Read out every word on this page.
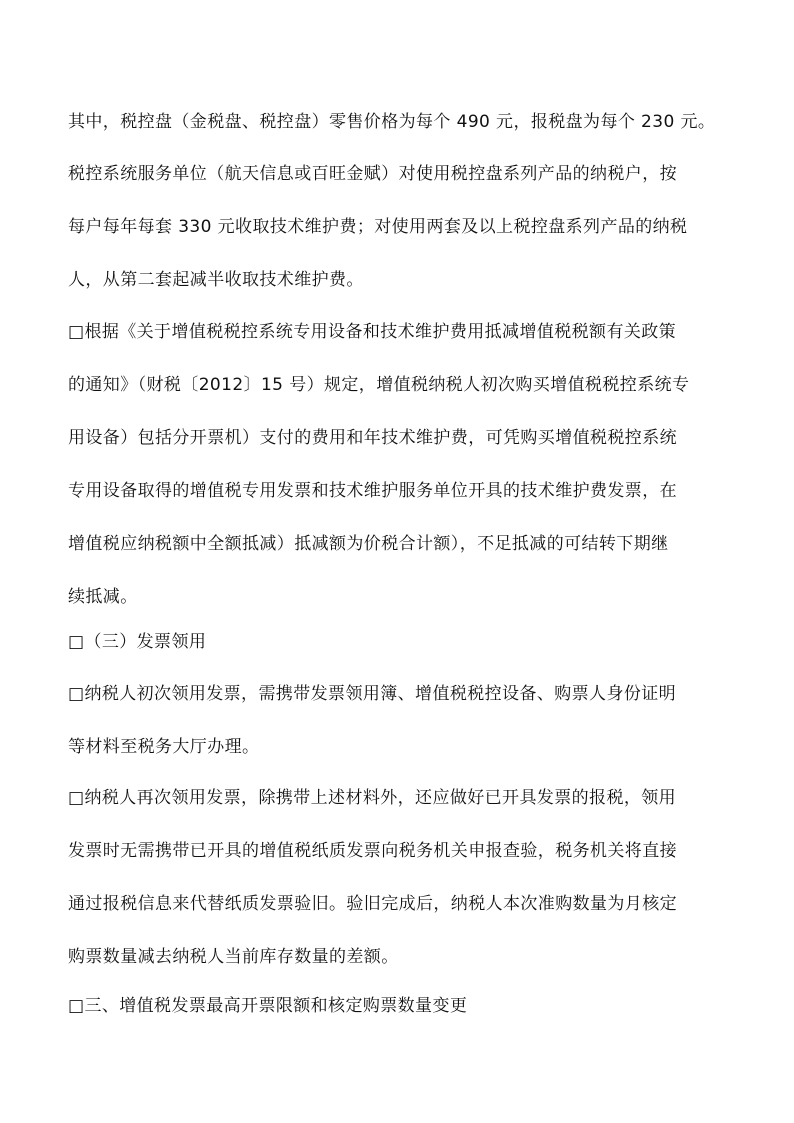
其中，税控盘（金税盘、税控盘）零售价格为每个 490 元，报税盘为每个 230 元。

税控系统服务单位（航天信息或百旺金赋）对使用税控盘系列产品的纳税户，按
每户每年每套 330 元收取技术维护费；对使用两套及以上税控盘系列产品的纳税
人，从第二套起减半收取技术维护费。

□根据《关于增值税税控系统专用设备和技术维护费用抵减增值税税额有关政策
的通知》（财税〔2012〕15 号）规定，增值税纳税人初次购买增值税税控系统专
用设备）包括分开票机）支付的费用和年技术维护费，可凭购买增值税税控系统
专用设备取得的增值税专用发票和技术维护服务单位开具的技术维护费发票，在
增值税应纳税额中全额抵减）抵减额为价税合计额），不足抵减的可结转下期继
续抵减。

□（三）发票领用

□纳税人初次领用发票，需携带发票领用簿、增值税税控设备、购票人身份证明
等材料至税务大厅办理。

□纳税人再次领用发票，除携带上述材料外，还应做好已开具发票的报税，领用
发票时无需携带已开具的增值税纸质发票向税务机关申报查验，税务机关将直接
通过报税信息来代替纸质发票验旧。验旧完成后，纳税人本次准购数量为月核定
购票数量减去纳税人当前库存数量的差额。

□三、增值税发票最高开票限额和核定购票数量变更
